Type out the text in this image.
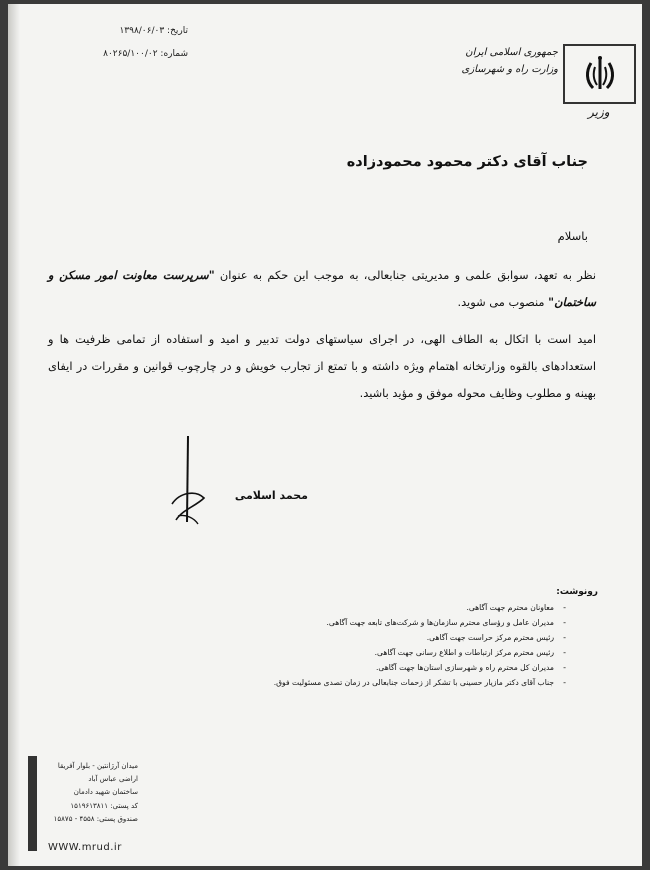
تاریخ: ۱۳۹۸/۰۶/۰۳
شماره: ۸۰۲۶۵/۱۰۰/۰۲	جمهوری اسلامی ایران
وزارت راه و شهرسازی
وزیر
جناب آقای دکتر محمود محمودزاده
باسلام
نظر به تعهد، سوابق علمی و مدیریتی جنابعالی، به موجب این حکم به عنوان "سرپرست معاونت امور مسکن و ساختمان" منصوب می شوید.
امید است با اتکال به الطاف الهی، در اجرای سیاستهای دولت تدبیر و امید و استفاده از تمامی ظرفیت ها و استعدادهای بالقوه وزارتخانه اهتمام ویژه داشته و با تمتع از تجارب خویش و در چارچوب قوانین و مقررات در ایفای بهینه و مطلوب وظایف محوله موفق و مؤید باشید.
محمد اسلامی
رونوشت:
معاونان محترم جهت آگاهی. -
مدیران عامل و رؤسای محترم سازمان‌ها و شرکت‌های تابعه جهت آگاهی. -
رئیس محترم مرکز حراست جهت آگاهی. -
رئیس محترم مرکز ارتباطات و اطلاع رسانی جهت آگاهی. -
مدیران کل محترم راه و شهرسازی استان‌ها جهت آگاهی. -
جناب آقای دکتر مازیار حسینی با تشکر از زحمات جنابعالی در زمان تصدی مسئولیت فوق. -
میدان آرژانتین - بلوار آفریقا
اراضی عباس آباد
ساختمان شهید دادمان
کد پستی: ۱۵۱۹۶۱۳۸۱۱
صندوق پستی: ۴۵۵۸ - ۱۵۸۷۵
WWW.mrud.ir
